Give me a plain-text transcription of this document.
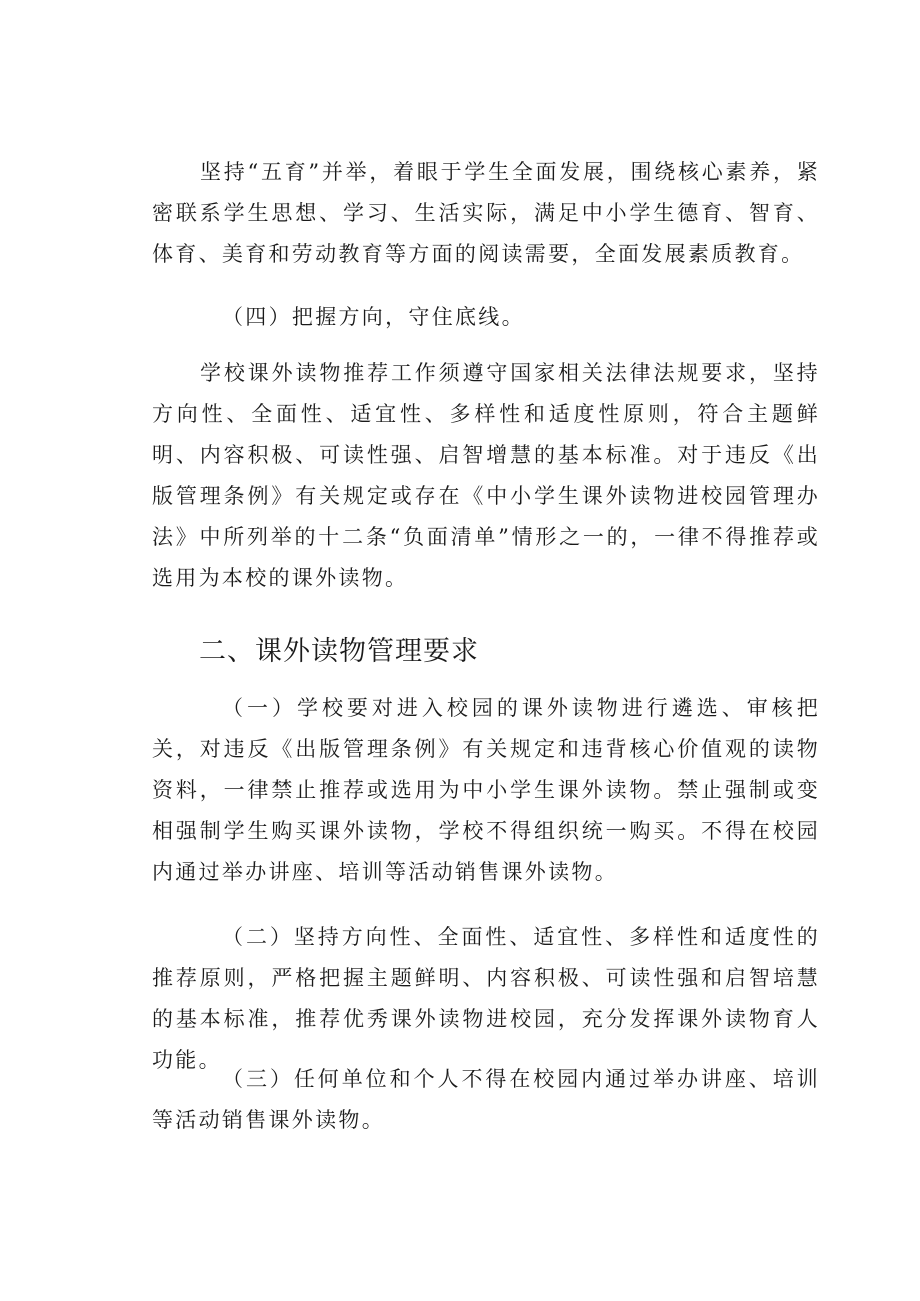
坚持“五育”并举，着眼于学生全面发展，围绕核心素养，紧密联系学生思想、学习、生活实际，满足中小学生德育、智育、体育、美育和劳动教育等方面的阅读需要，全面发展素质教育。

（四）把握方向，守住底线。

学校课外读物推荐工作须遵守国家相关法律法规要求，坚持方向性、全面性、适宜性、多样性和适度性原则，符合主题鲜明、内容积极、可读性强、启智增慧的基本标准。对于违反《出版管理条例》有关规定或存在《中小学生课外读物进校园管理办法》中所列举的十二条“负面清单”情形之一的，一律不得推荐或选用为本校的课外读物。

二、课外读物管理要求

（一）学校要对进入校园的课外读物进行遴选、审核把关，对违反《出版管理条例》有关规定和违背核心价值观的读物资料，一律禁止推荐或选用为中小学生课外读物。禁止强制或变相强制学生购买课外读物，学校不得组织统一购买。不得在校园内通过举办讲座、培训等活动销售课外读物。

（二）坚持方向性、全面性、适宜性、多样性和适度性的推荐原则，严格把握主题鲜明、内容积极、可读性强和启智培慧的基本标准，推荐优秀课外读物进校园，充分发挥课外读物育人功能。

（三）任何单位和个人不得在校园内通过举办讲座、培训等活动销售课外读物。
